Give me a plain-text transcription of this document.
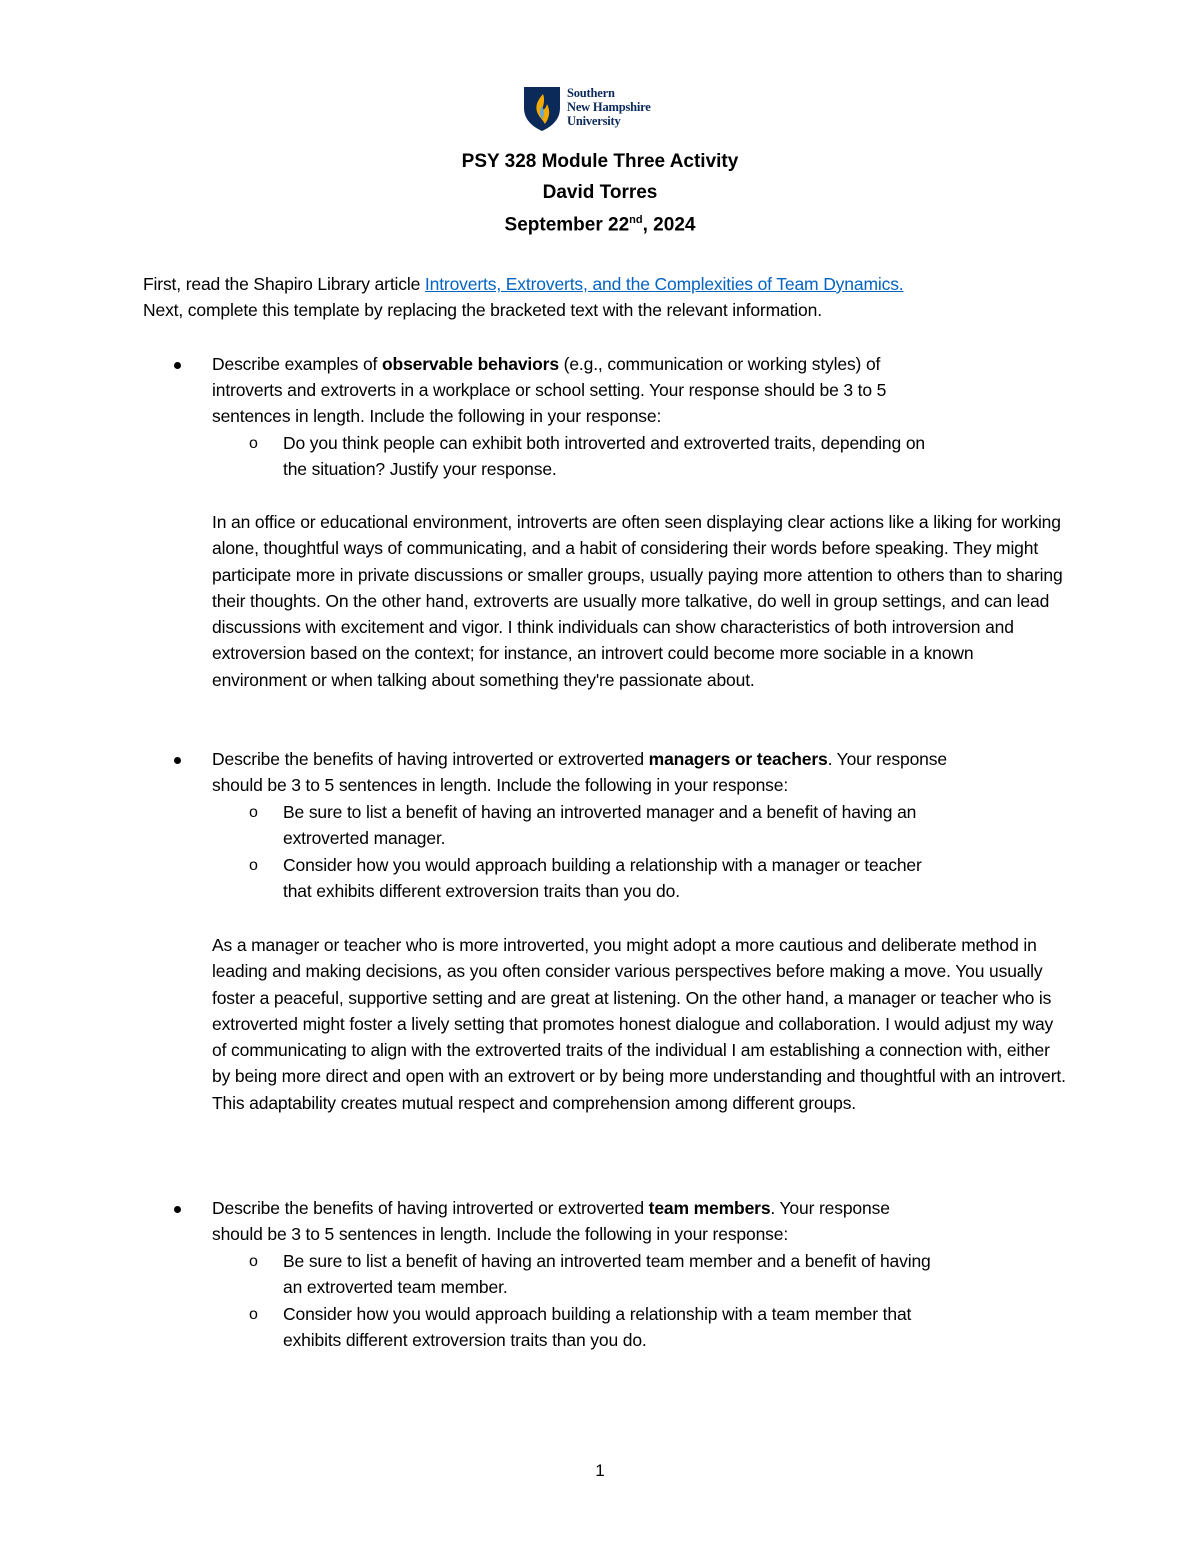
Southern
New Hampshire
University
PSY 328 Module Three Activity
David Torres
September 22nd, 2024
First, read the Shapiro Library article Introverts, Extroverts, and the Complexities of Team Dynamics.
Next, complete this template by replacing the bracketed text with the relevant information.
Describe examples of observable behaviors (e.g., communication or working styles) of
introverts and extroverts in a workplace or school setting. Your response should be 3 to 5
sentences in length. Include the following in your response:
o Do you think people can exhibit both introverted and extroverted traits, depending on
the situation? Justify your response.

In an office or educational environment, introverts are often seen displaying clear actions like a liking for working alone, thoughtful ways of communicating, and a habit of considering their words before speaking. They might participate more in private discussions or smaller groups, usually paying more attention to others than to sharing their thoughts. On the other hand, extroverts are usually more talkative, do well in group settings, and can lead discussions with excitement and vigor. I think individuals can show characteristics of both introversion and extroversion based on the context; for instance, an introvert could become more sociable in a known environment or when talking about something they're passionate about.

Describe the benefits of having introverted or extroverted managers or teachers. Your response
should be 3 to 5 sentences in length. Include the following in your response:
o Be sure to list a benefit of having an introverted manager and a benefit of having an
extroverted manager.
o Consider how you would approach building a relationship with a manager or teacher
that exhibits different extroversion traits than you do.

As a manager or teacher who is more introverted, you might adopt a more cautious and deliberate method in leading and making decisions, as you often consider various perspectives before making a move. You usually foster a peaceful, supportive setting and are great at listening. On the other hand, a manager or teacher who is extroverted might foster a lively setting that promotes honest dialogue and collaboration. I would adjust my way of communicating to align with the extroverted traits of the individual I am establishing a connection with, either by being more direct and open with an extrovert or by being more understanding and thoughtful with an introvert. This adaptability creates mutual respect and comprehension among different groups.

Describe the benefits of having introverted or extroverted team members. Your response
should be 3 to 5 sentences in length. Include the following in your response:
o Be sure to list a benefit of having an introverted team member and a benefit of having
an extroverted team member.
o Consider how you would approach building a relationship with a team member that
exhibits different extroversion traits than you do.
1
